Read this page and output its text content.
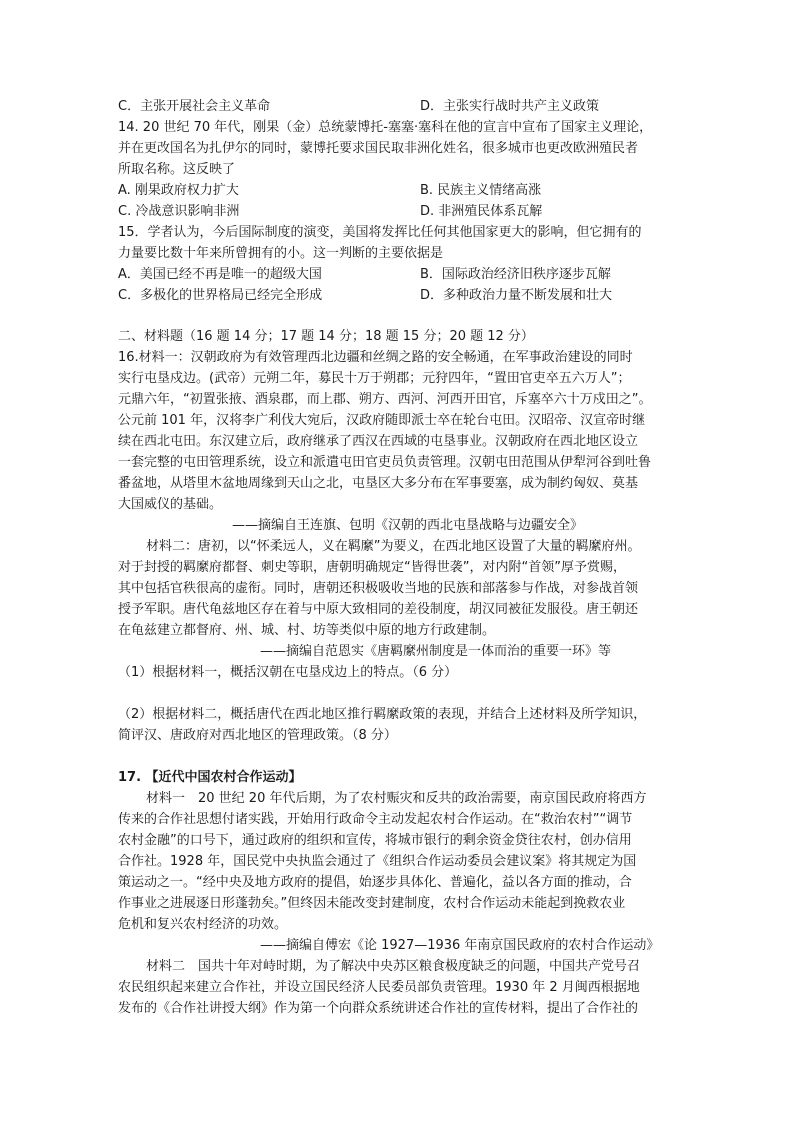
C．主张开展社会主义革命	D．主张实行战时共产主义政策
14. 20 世纪 70 年代，刚果（金）总统蒙博托-塞塞·塞科在他的宣言中宣布了国家主义理论，
并在更改国名为扎伊尔的同时，蒙博托要求国民取非洲化姓名，很多城市也更改欧洲殖民者
所取名称。这反映了
A. 刚果政府权力扩大	B. 民族主义情绪高涨
C. 冷战意识影响非洲	D. 非洲殖民体系瓦解
15．学者认为，今后国际制度的演变，美国将发挥比任何其他国家更大的影响，但它拥有的
力量要比数十年来所曾拥有的小。这一判断的主要依据是
A．美国已经不再是唯一的超级大国	B．国际政治经济旧秩序逐步瓦解
C．多极化的世界格局已经完全形成	D．多种政治力量不断发展和壮大
二、材料题（16 题 14 分；17 题 14 分；18 题 15 分；20 题 12 分）
16.材料一：汉朝政府为有效管理西北边疆和丝绸之路的安全畅通，在军事政治建设的同时
实行屯垦戍边。(武帝）元朔二年，募民十万于朔郡；元狩四年，“置田官吏卒五六万人”；
元鼎六年，“初置张掖、酒泉郡，而上郡、朔方、西河、河西开田官，斥塞卒六十万戍田之”。
公元前 101 年，汉将李广利伐大宛后，汉政府随即派士卒在轮台屯田。汉昭帝、汉宣帝时继
续在西北屯田。东汉建立后，政府继承了西汉在西域的屯垦事业。汉朝政府在西北地区设立
一套完整的屯田管理系统，设立和派遣屯田官吏员负责管理。汉朝屯田范围从伊犁河谷到吐鲁
番盆地，从塔里木盆地周缘到天山之北，屯垦区大多分布在军事要塞，成为制约匈奴、莫基
大国威仪的基础。
——摘编自王连旗、包明《汉朝的西北屯垦战略与边疆安全》
材料二：唐初，以“怀柔远人，义在羁縻”为要义，在西北地区设置了大量的羁縻府州。
对于封授的羁縻府都督、刺史等职，唐朝明确规定“皆得世袭”，对内附“首领”厚予赏赐，
其中包括官秩很高的虚衔。同时，唐朝还积极吸收当地的民族和部落参与作战，对参战首领
授予军职。唐代龟兹地区存在着与中原大致相同的差役制度，胡汉同被征发服役。唐王朝还
在龟兹建立都督府、州、城、村、坊等类似中原的地方行政建制。
——摘编自范恩实《唐羁縻州制度是一体而治的重要一环》等
（1）根据材料一，概括汉朝在屯垦戍边上的特点。（6 分）
（2）根据材料二，概括唐代在西北地区推行羁縻政策的表现，并结合上述材料及所学知识，
简评汉、唐政府对西北地区的管理政策。（8 分）
17. 【近代中国农村合作运动】
材料一　20 世纪 20 年代后期，为了农村赈灾和反共的政治需要，南京国民政府将西方
传来的合作社思想付诸实践，开始用行政命令主动发起农村合作运动。在“救治农村”“调节
农村金融”的口号下，通过政府的组织和宣传，将城市银行的剩余资金贷往农村，创办信用
合作社。1928 年，国民党中央执监会通过了《组织合作运动委员会建议案》将其规定为国
策运动之一。“经中央及地方政府的提倡，始逐步具体化、普遍化，益以各方面的推动，合
作事业之进展逐日形蓬勃矣。”但终因未能改变封建制度，农村合作运动未能起到挽救农业
危机和复兴农村经济的功效。
——摘编自傅宏《论 1927—1936 年南京国民政府的农村合作运动》
材料二　国共十年对峙时期，为了解决中央苏区粮食极度缺乏的问题，中国共产党号召
农民组织起来建立合作社，并设立国民经济人民委员部负责管理。1930 年 2 月闽西根据地
发布的《合作社讲授大纲》作为第一个向群众系统讲述合作社的宣传材料，提出了合作社的
